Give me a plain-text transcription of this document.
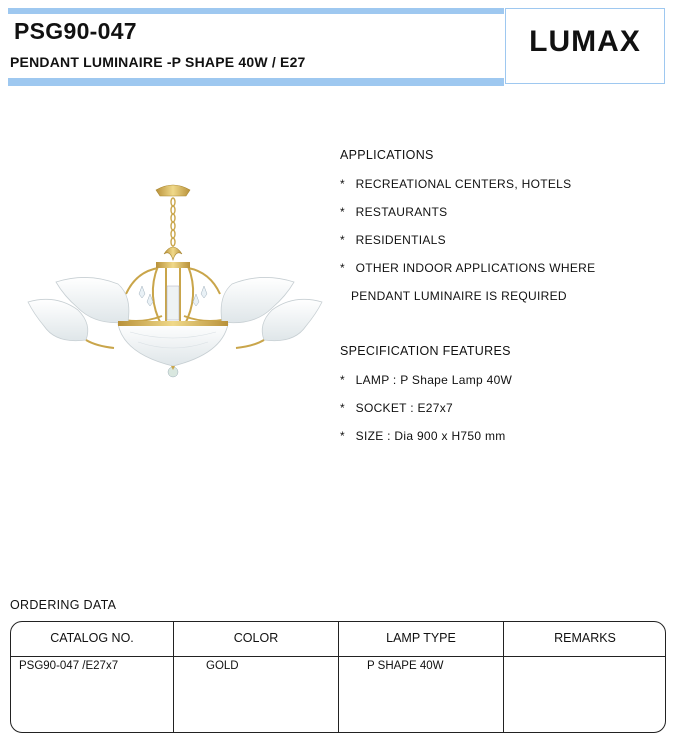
PSG90-047
PENDANT LUMINAIRE -P SHAPE 40W / E27
LUMAX
APPLICATIONS
* RECREATIONAL CENTERS, HOTELS
* RESTAURANTS
* RESIDENTIALS
* OTHER INDOOR APPLICATIONS WHERE
PENDANT LUMINAIRE IS REQUIRED
SPECIFICATION FEATURES
* LAMP : P Shape Lamp 40W
* SOCKET : E27x7
* SIZE : Dia 900 x H750 mm
ORDERING DATA
CATALOG NO.	COLOR	LAMP TYPE	REMARKS
PSG90-047 /E27x7	GOLD	P SHAPE 40W
